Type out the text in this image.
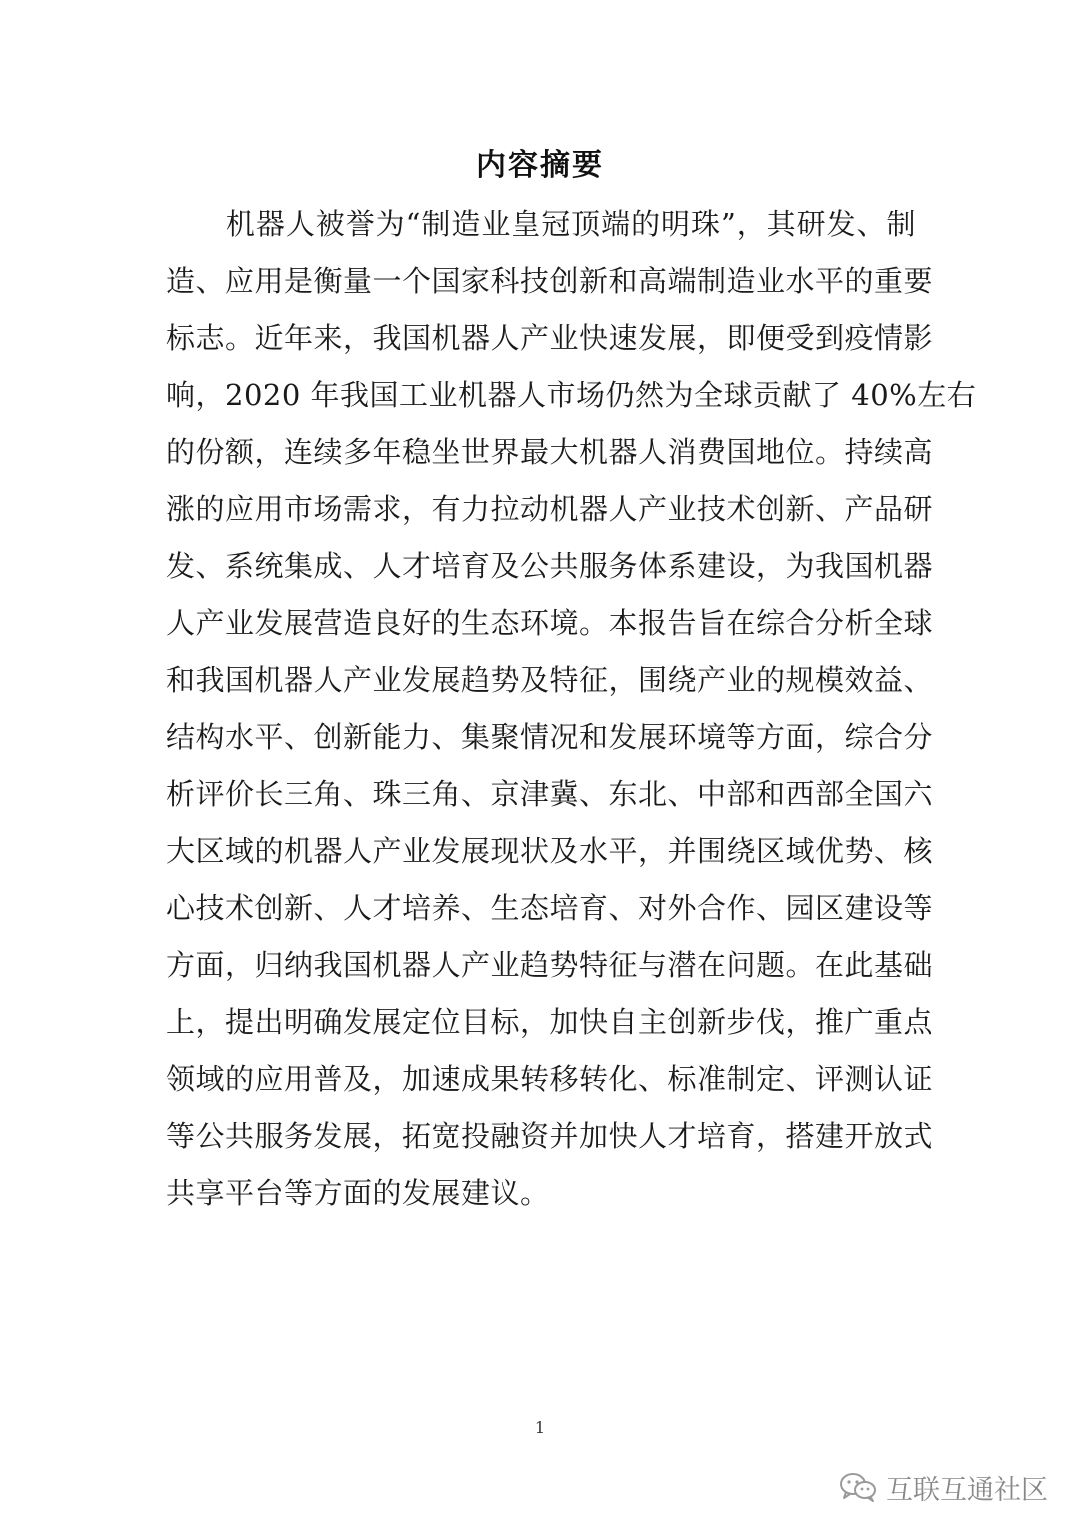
内容摘要
　　机器人被誉为“制造业皇冠顶端的明珠”，其研发、制
造、应用是衡量一个国家科技创新和高端制造业水平的重要
标志。近年来，我国机器人产业快速发展，即便受到疫情影
响，2020 年我国工业机器人市场仍然为全球贡献了 40%左右
的份额，连续多年稳坐世界最大机器人消费国地位。持续高
涨的应用市场需求，有力拉动机器人产业技术创新、产品研
发、系统集成、人才培育及公共服务体系建设，为我国机器
人产业发展营造良好的生态环境。本报告旨在综合分析全球
和我国机器人产业发展趋势及特征，围绕产业的规模效益、
结构水平、创新能力、集聚情况和发展环境等方面，综合分
析评价长三角、珠三角、京津冀、东北、中部和西部全国六
大区域的机器人产业发展现状及水平，并围绕区域优势、核
心技术创新、人才培养、生态培育、对外合作、园区建设等
方面，归纳我国机器人产业趋势特征与潜在问题。在此基础
上，提出明确发展定位目标，加快自主创新步伐，推广重点
领域的应用普及，加速成果转移转化、标准制定、评测认证
等公共服务发展，拓宽投融资并加快人才培育，搭建开放式
共享平台等方面的发展建议。
1
互联互通社区
